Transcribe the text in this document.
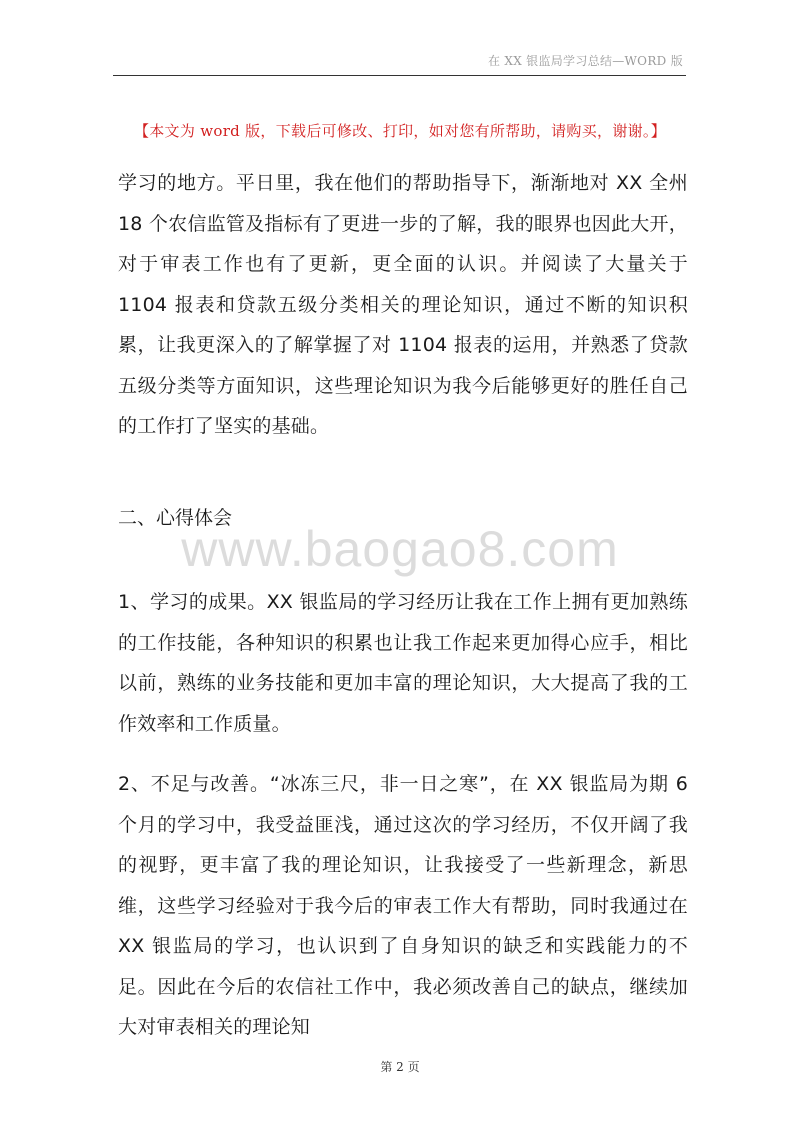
在 XX 银监局学习总结—WORD 版
【本文为 word 版，下载后可修改、打印，如对您有所帮助，请购买，谢谢。】
学习的地方。平日里，我在他们的帮助指导下，渐渐地对 XX 全州 18 个农信监管及指标有了更进一步的了解，我的眼界也因此大开，对于审表工作也有了更新，更全面的认识。并阅读了大量关于 1104 报表和贷款五级分类相关的理论知识，通过不断的知识积累，让我更深入的了解掌握了对 1104 报表的运用，并熟悉了贷款五级分类等方面知识，这些理论知识为我今后能够更好的胜任自己的工作打了坚实的基础。
二、心得体会
www.baogao8.com
1、学习的成果。XX 银监局的学习经历让我在工作上拥有更加熟练的工作技能，各种知识的积累也让我工作起来更加得心应手，相比以前，熟练的业务技能和更加丰富的理论知识，大大提高了我的工作效率和工作质量。
2、不足与改善。“冰冻三尺，非一日之寒”，在 XX 银监局为期 6 个月的学习中，我受益匪浅，通过这次的学习经历，不仅开阔了我的视野，更丰富了我的理论知识，让我接受了一些新理念，新思维，这些学习经验对于我今后的审表工作大有帮助，同时我通过在 XX 银监局的学习，也认识到了自身知识的缺乏和实践能力的不足。因此在今后的农信社工作中，我必须改善自己的缺点，继续加大对审表相关的理论知
第 2 页
